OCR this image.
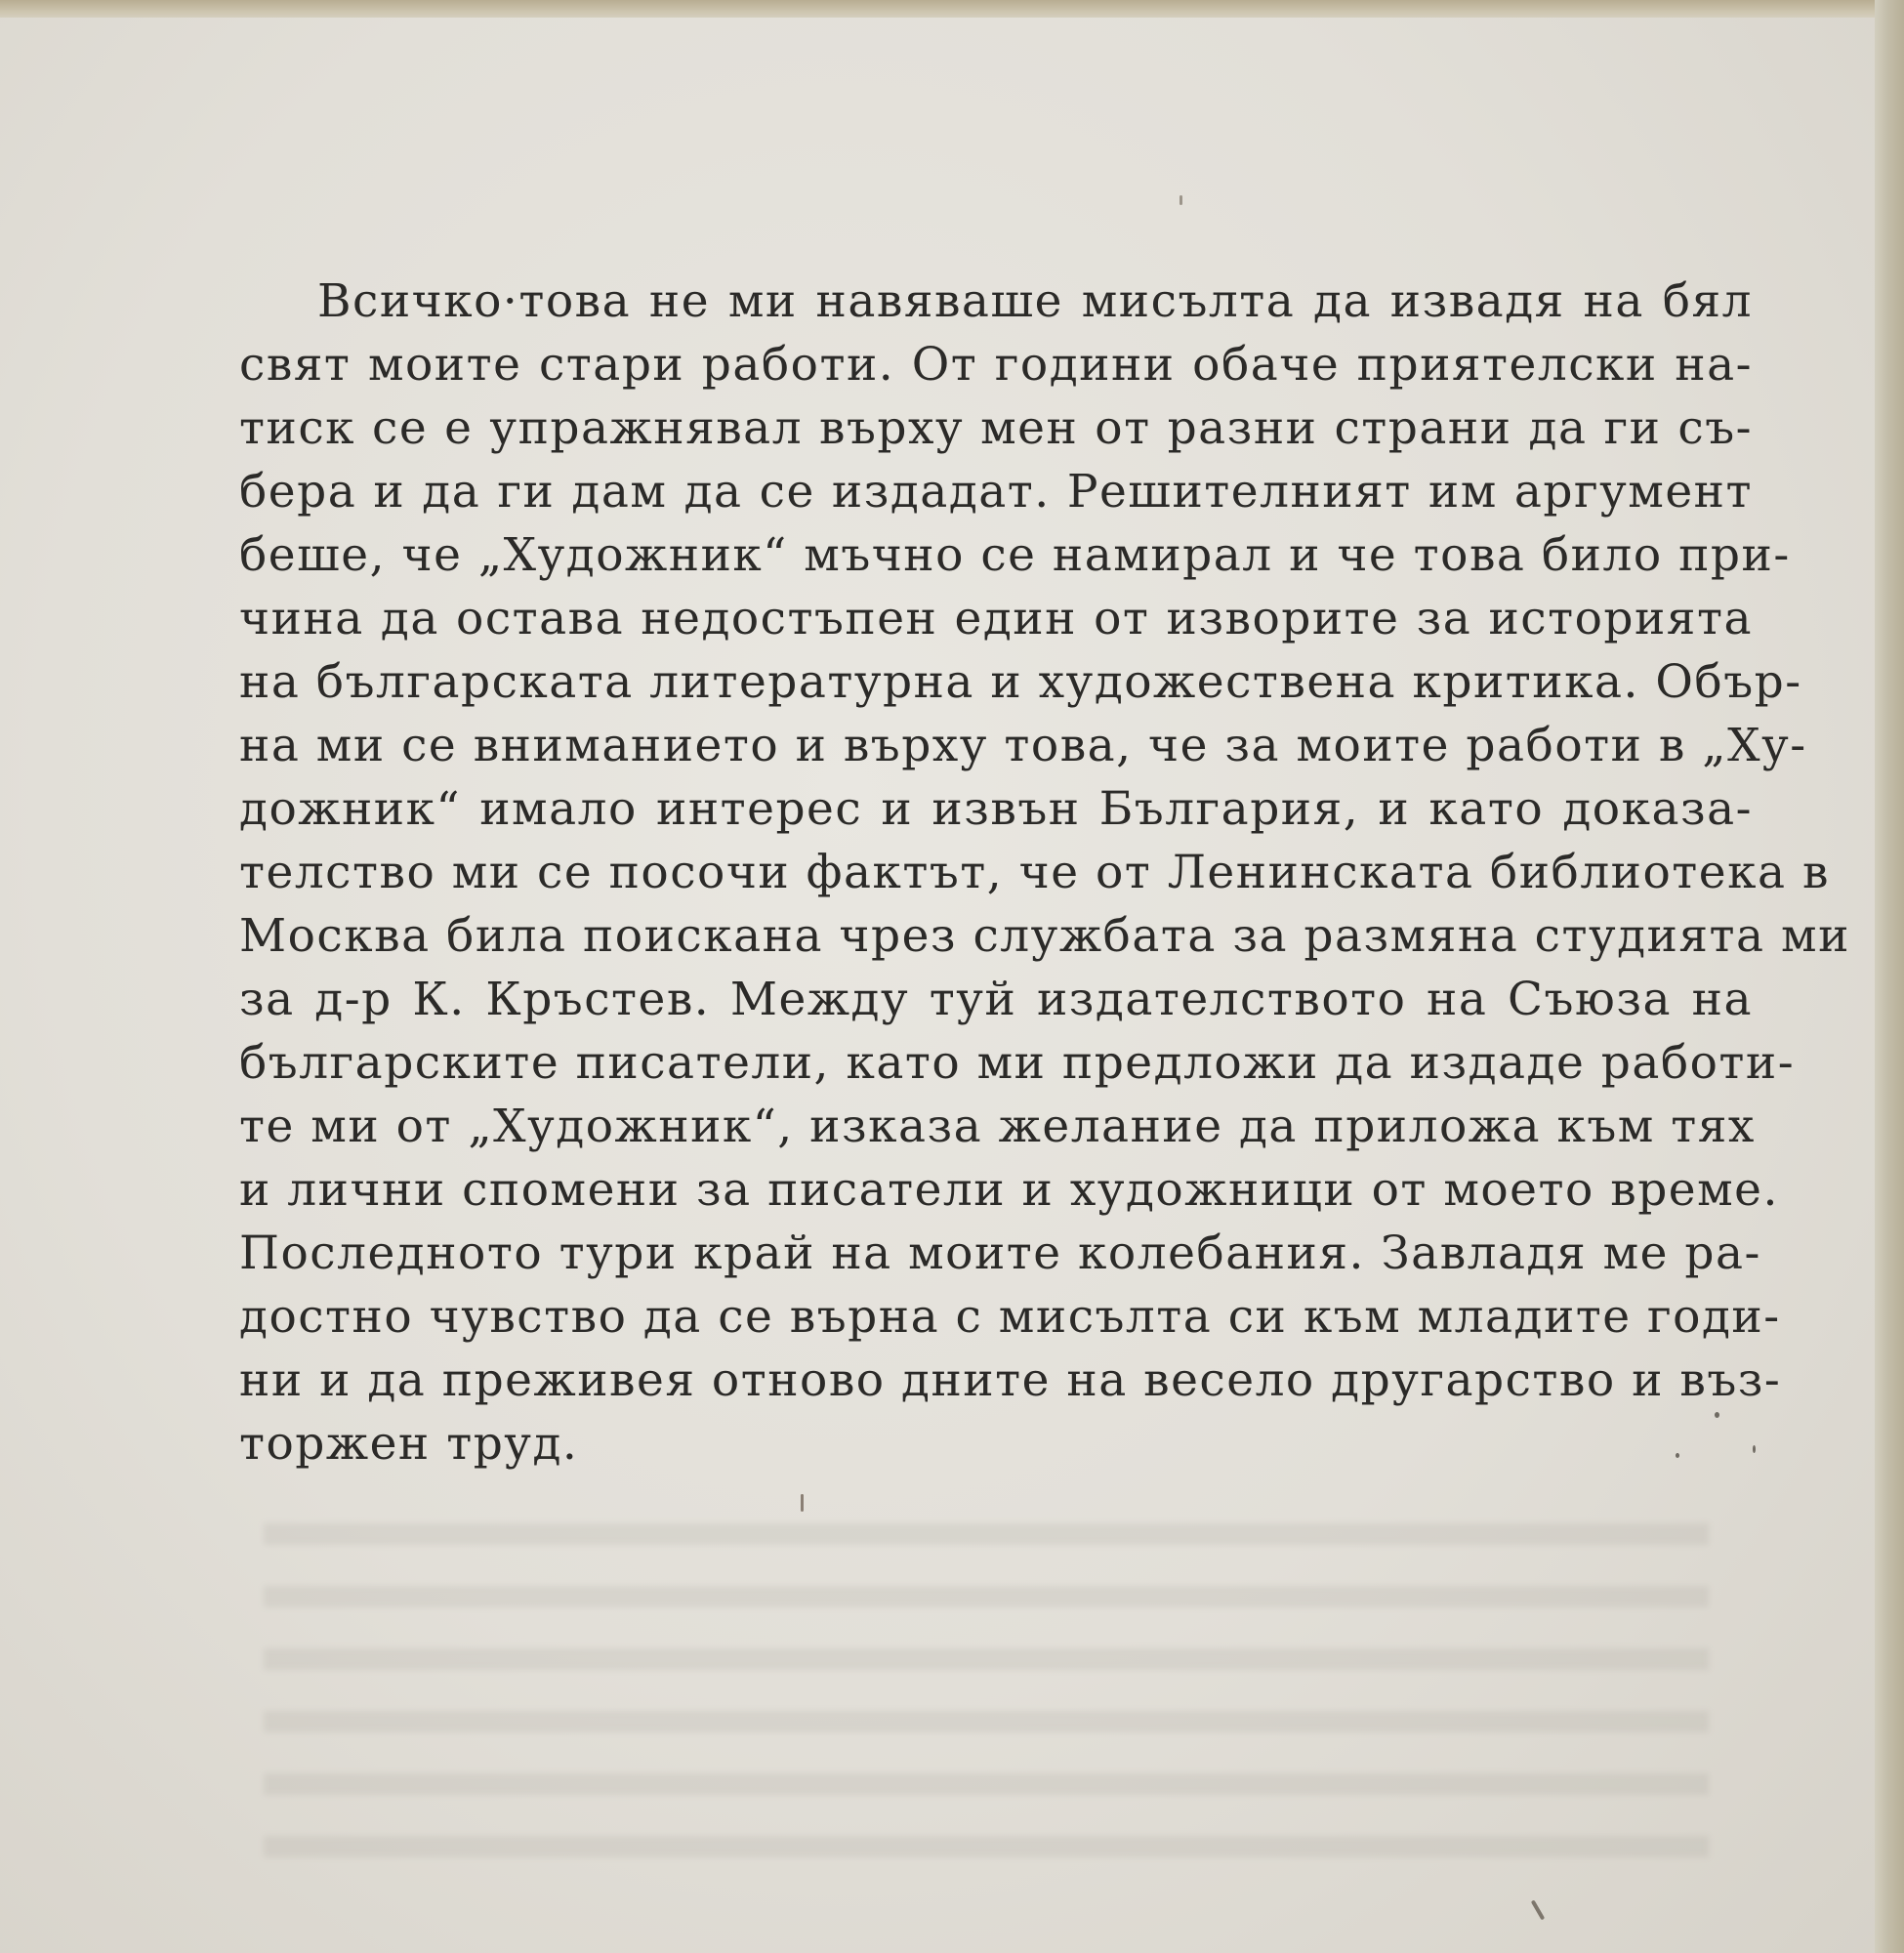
Всичко·това не ми навяваше мисълта да извадя на бял
свят моите стари работи. От години обаче приятелски на-
тиск се е упражнявал върху мен от разни страни да ги съ-
бера и да ги дам да се издадат. Решителният им аргумент
беше, че „Художник“ мъчно се намирал и че това било при-
чина да остава недостъпен един от изворите за историята
на българската литературна и художествена критика. Обър-
на ми се вниманието и върху това, че за моите работи в „Ху-
дожник“ имало интерес и извън България, и като доказа-
телство ми се посочи фактът, че от Ленинската библиотека в
Москва била поискана чрез службата за размяна студията ми
за д-р К. Кръстев. Между туй издателството на Съюза на
българските писатели, като ми предложи да издаде работи-
те ми от „Художник“, изказа желание да приложа към тях
и лични спомени за писатели и художници от моето време.
Последното тури край на моите колебания. Завладя ме ра-
достно чувство да се върна с мисълта си към младите годи-
ни и да преживея отново дните на весело другарство и въз-
торжен труд.
